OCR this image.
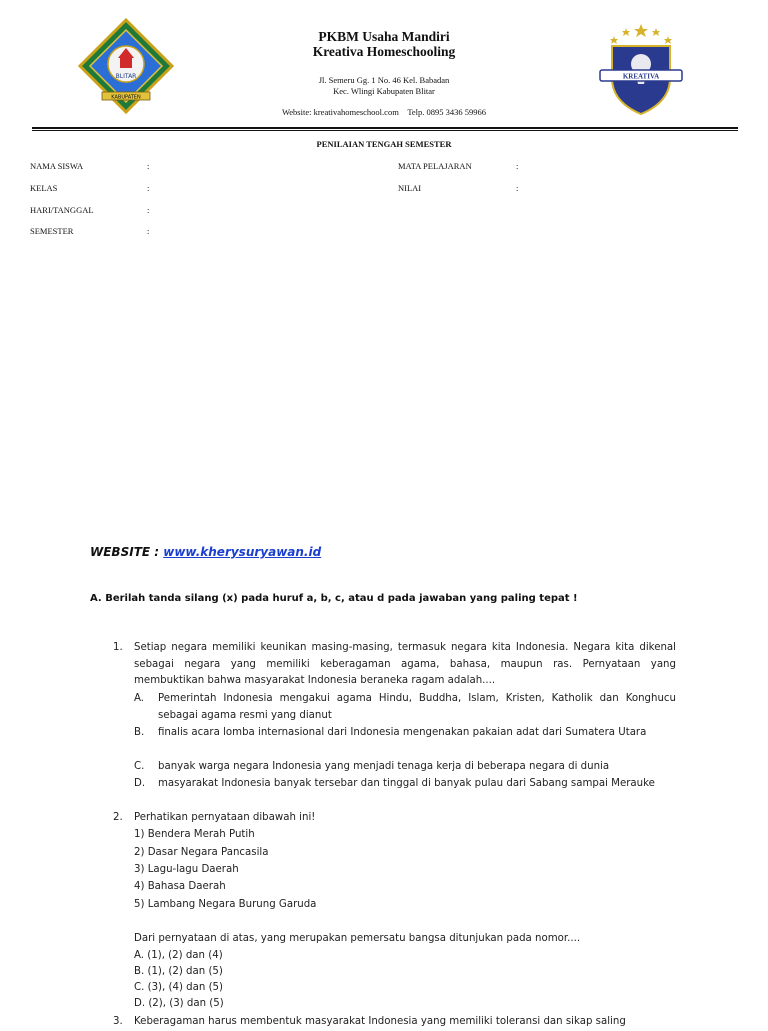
BLITAR
KABUPATEN
KREATIVA
PKBM Usaha Mandiri
Kreativa Homeschooling
Jl. Semeru Gg. 1 No. 46 Kel. Babadan
Kec. Wlingi Kabupaten Blitar
Website: kreativahomeschool.com Telp. 0895 3436 59966
PENILAIAN TENGAH SEMESTER
NAMA SISWA	:
KELAS	:
HARI/TANGGAL	:
SEMESTER	:
MATA PELAJARAN	:
NILAI	:
WEBSITE : www.kherysuryawan.id
A. Berilah tanda silang (x) pada huruf a, b, c, atau d pada jawaban yang paling tepat !
1. Setiap negara memiliki keunikan masing-masing, termasuk negara kita Indonesia. Negara kita dikenal sebagai negara yang memiliki keberagaman agama, bahasa, maupun ras. Pernyataan yang membuktikan bahwa masyarakat Indonesia beraneka ragam adalah....
A. Pemerintah Indonesia mengakui agama Hindu, Buddha, Islam, Kristen, Katholik dan Konghucu sebagai agama resmi yang dianut
B. finalis acara lomba internasional dari Indonesia mengenakan pakaian adat dari Sumatera Utara
C. banyak warga negara Indonesia yang menjadi tenaga kerja di beberapa negara di dunia
D. masyarakat Indonesia banyak tersebar dan tinggal di banyak pulau dari Sabang sampai Merauke
2. Perhatikan pernyataan dibawah ini!
1) Bendera Merah Putih
2) Dasar Negara Pancasila
3) Lagu-lagu Daerah
4) Bahasa Daerah
5) Lambang Negara Burung Garuda
Dari pernyataan di atas, yang merupakan pemersatu bangsa ditunjukan pada nomor....
A. (1), (2) dan (4)
B. (1), (2) dan (5)
C. (3), (4) dan (5)
D. (2), (3) dan (5)
3. Keberagaman harus membentuk masyarakat Indonesia yang memiliki toleransi dan sikap saling
